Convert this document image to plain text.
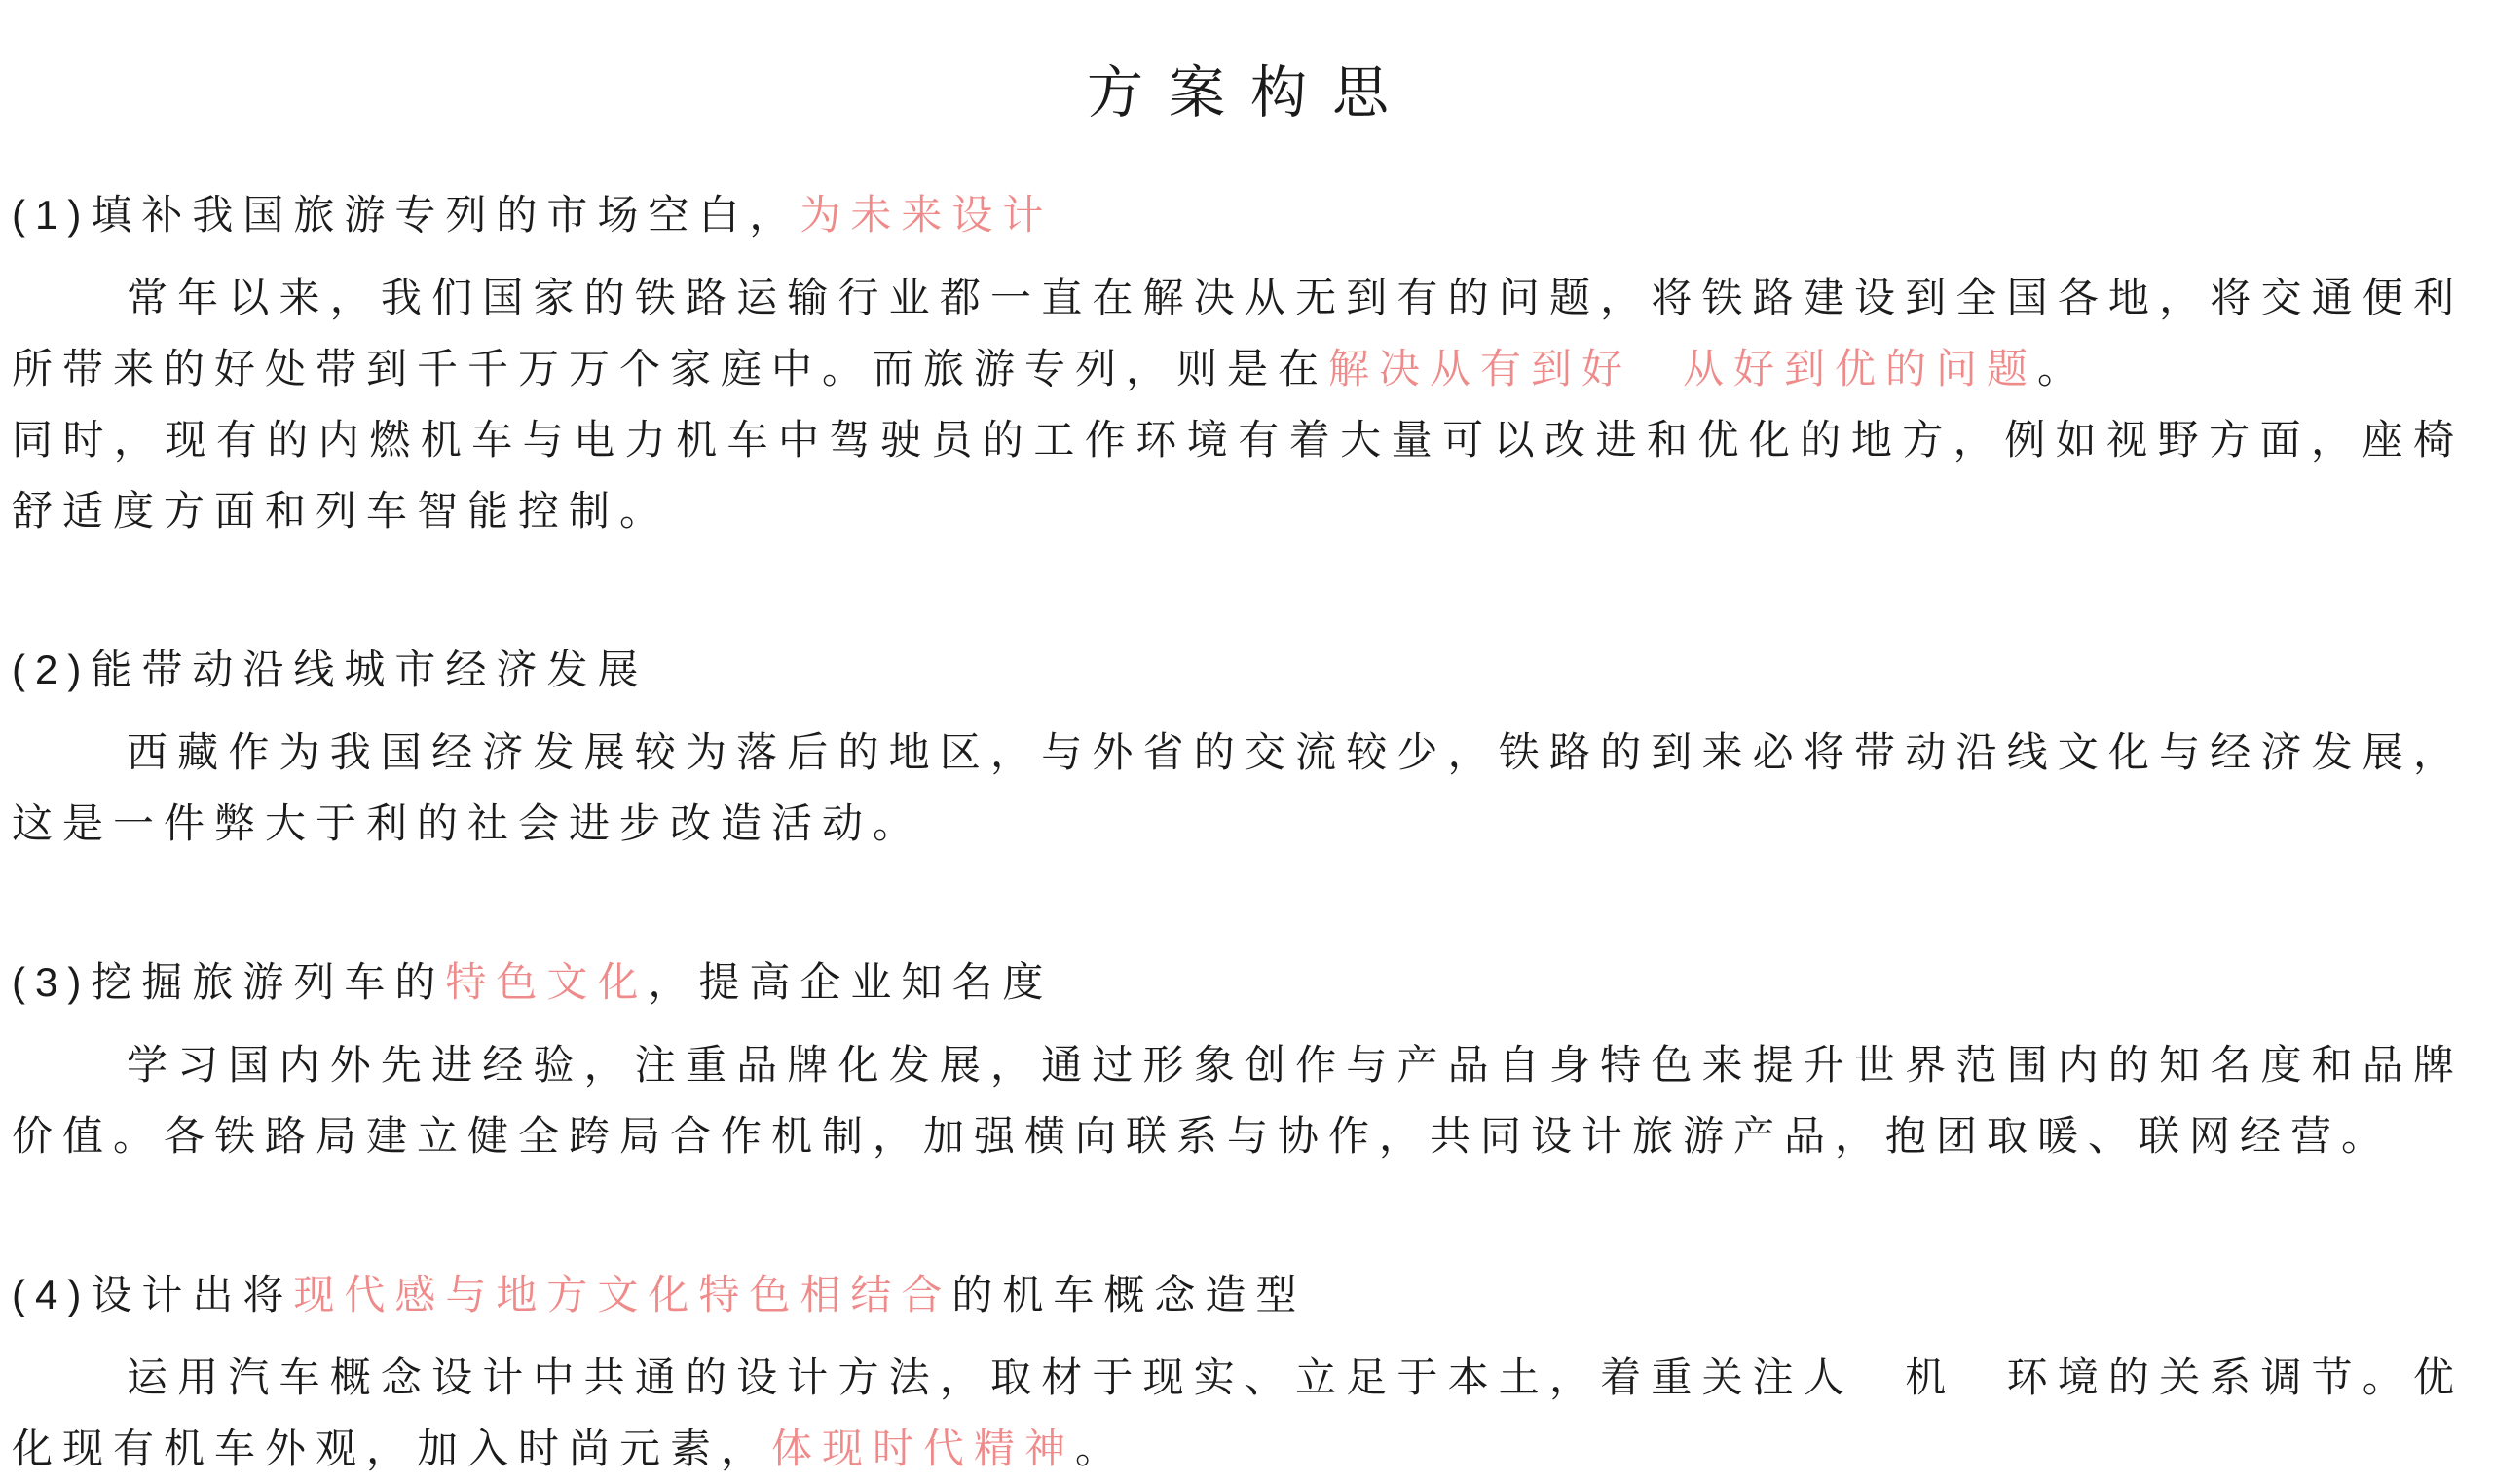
方案构思

(1)填补我国旅游专列的市场空白，为未来设计

常年以来，我们国家的铁路运输行业都一直在解决从无到有的问题，将铁路建设到全国各地，将交通便利所带来的好处带到千千万万个家庭中。而旅游专列，则是在解决从有到好　从好到优的问题。

同时，现有的内燃机车与电力机车中驾驶员的工作环境有着大量可以改进和优化的地方，例如视野方面，座椅舒适度方面和列车智能控制。

(2)能带动沿线城市经济发展

西藏作为我国经济发展较为落后的地区，与外省的交流较少，铁路的到来必将带动沿线文化与经济发展，这是一件弊大于利的社会进步改造活动。

(3)挖掘旅游列车的特色文化，提高企业知名度

学习国内外先进经验，注重品牌化发展，通过形象创作与产品自身特色来提升世界范围内的知名度和品牌价值。各铁路局建立健全跨局合作机制，加强横向联系与协作，共同设计旅游产品，抱团取暖、联网经营。

(4)设计出将现代感与地方文化特色相结合的机车概念造型

运用汽车概念设计中共通的设计方法，取材于现实、立足于本土，着重关注人　机　环境的关系调节。优化现有机车外观，加入时尚元素，体现时代精神。
